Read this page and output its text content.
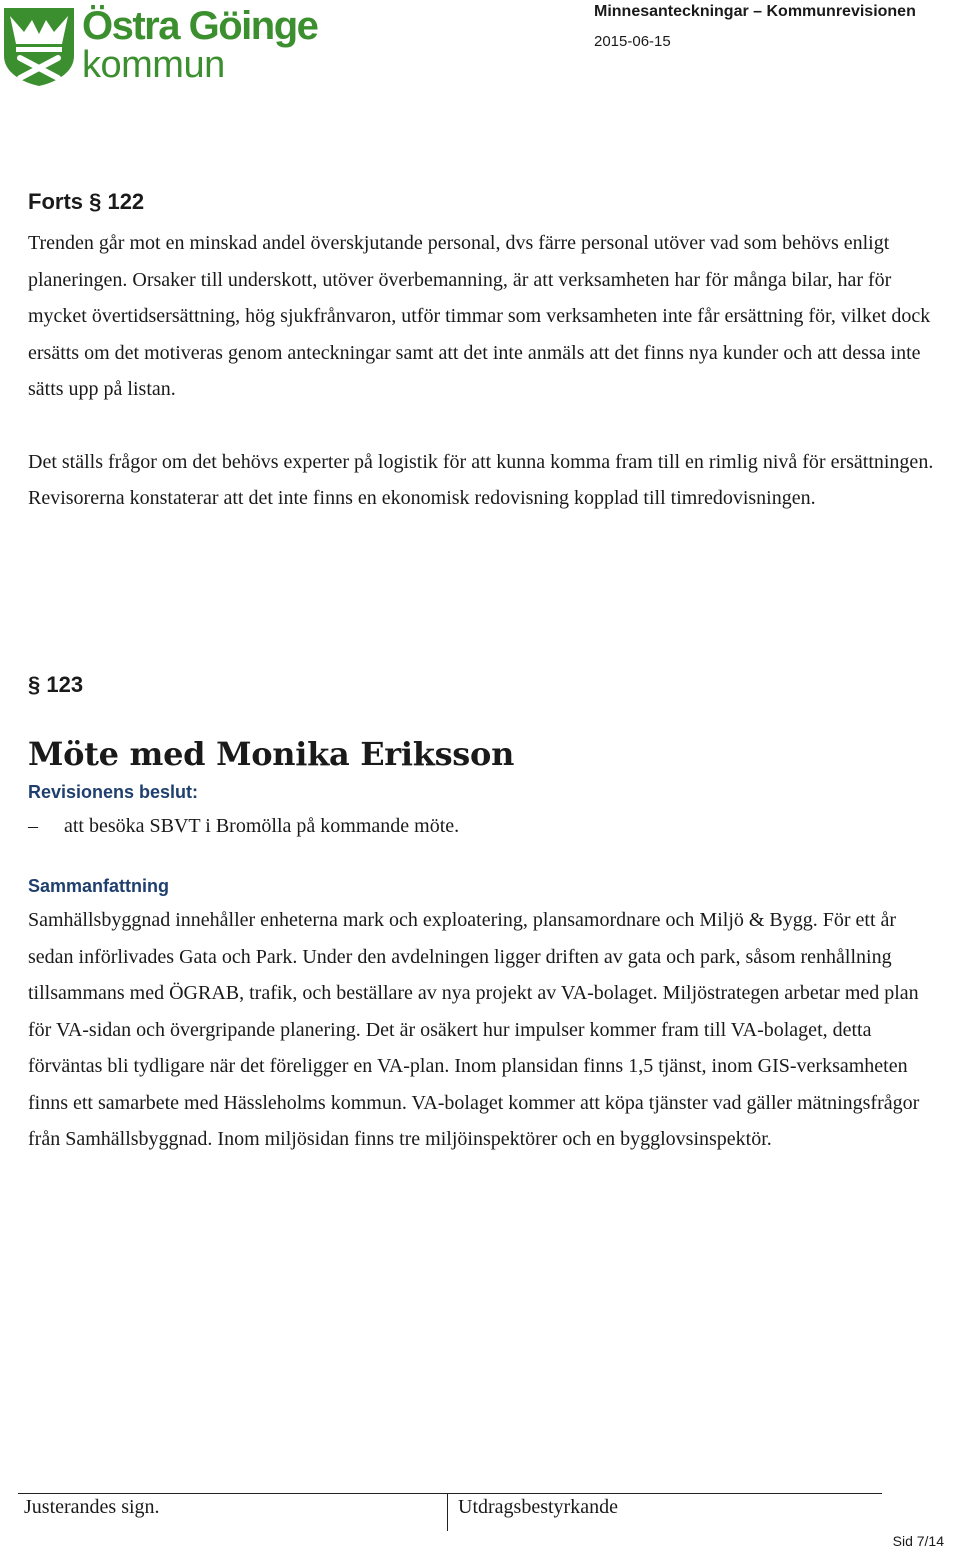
Östra Göinge
kommun
Minnesanteckningar – Kommunrevisionen
2015-06-15
Forts § 122

Trenden går mot en minskad andel överskjutande personal, dvs färre personal utöver vad som behövs enligt planeringen. Orsaker till underskott, utöver överbemanning, är att verksamheten har för många bilar, har för mycket övertidsersättning, hög sjukfrånvaron, utför timmar som verksamheten inte får ersättning för, vilket dock ersätts om det motiveras genom anteckningar samt att det inte anmäls att det finns nya kunder och att dessa inte sätts upp på listan.

Det ställs frågor om det behövs experter på logistik för att kunna komma fram till en rimlig nivå för ersättningen. Revisorerna konstaterar att det inte finns en ekonomisk redovisning kopplad till timredovisningen.

§ 123
Möte med Monika Eriksson
Revisionens beslut:
–	att besöka SBVT i Bromölla på kommande möte.
Sammanfattning

Samhällsbyggnad innehåller enheterna mark och exploatering, plansamordnare och Miljö & Bygg. För ett år sedan införlivades Gata och Park. Under den avdelningen ligger driften av gata och park, såsom renhållning tillsammans med ÖGRAB, trafik, och beställare av nya projekt av VA-bolaget. Miljöstrategen arbetar med plan för VA-sidan och övergripande planering. Det är osäkert hur impulser kommer fram till VA-bolaget, detta förväntas bli tydligare när det föreligger en VA-plan. Inom plansidan finns 1,5 tjänst, inom GIS-verksamheten finns ett samarbete med Hässleholms kommun. VA-bolaget kommer att köpa tjänster vad gäller mätningsfrågor från Samhällsbyggnad. Inom miljösidan finns tre miljöinspektörer och en bygglovsinspektör.

Justerandes sign.	Utdragsbestyrkande
Sid 7/14
